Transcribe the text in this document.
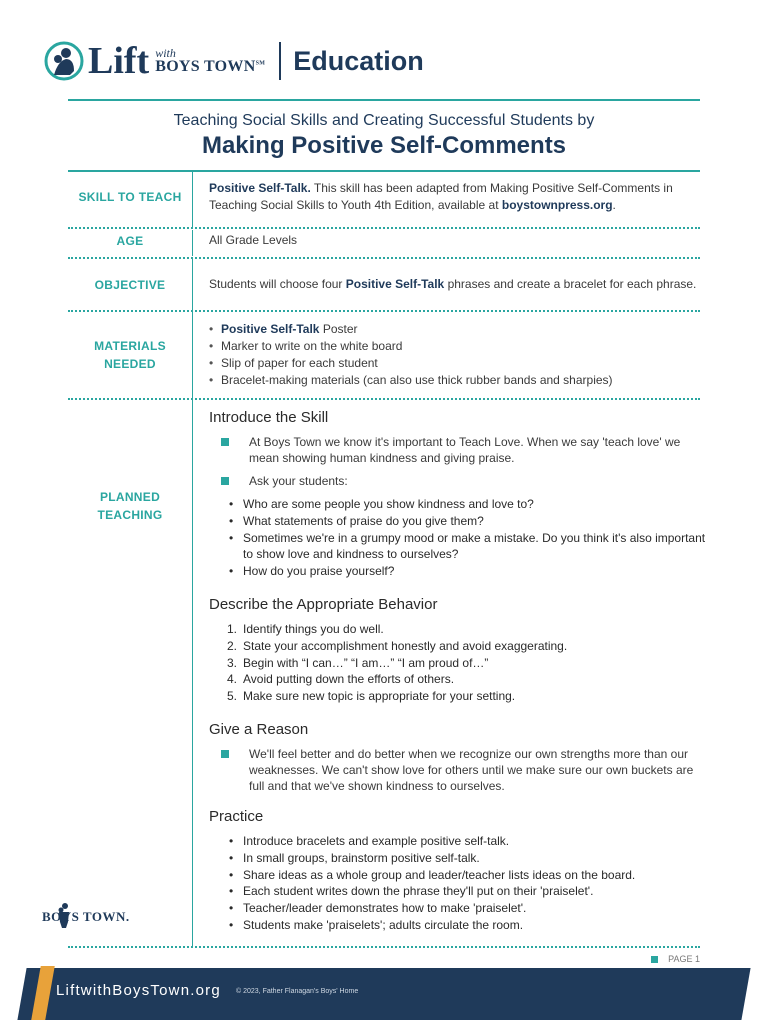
Lift with
BOYS TOWN℠ Education
Teaching Social Skills and Creating Successful Students by
Making Positive Self-Comments
SKILL TO TEACH
Positive Self-Talk. This skill has been adapted from Making Positive Self-Comments in Teaching Social Skills to Youth 4th Edition, available at boystownpress.org.
AGE	All Grade Levels
OBJECTIVE	Students will choose four Positive Self-Talk phrases and create a bracelet for each phrase.
MATERIALS
NEEDED
• Positive Self-Talk Poster
• Marker to write on the white board
• Slip of paper for each student
• Bracelet-making materials (can also use thick rubber bands and sharpies)
PLANNED
TEACHING
Introduce the Skill
At Boys Town we know it's important to Teach Love. When we say 'teach love' we mean showing human kindness and giving praise.
Ask your students:
• Who are some people you show kindness and love to?
• What statements of praise do you give them?
• Sometimes we're in a grumpy mood or make a mistake. Do you think it's also important to show love and kindness to ourselves?
• How do you praise yourself?
Describe the Appropriate Behavior
1. Identify things you do well.
2. State your accomplishment honestly and avoid exaggerating.
3. Begin with “I can…” “I am…” “I am proud of…”
4. Avoid putting down the efforts of others.
5. Make sure new topic is appropriate for your setting.
Give a Reason
We'll feel better and do better when we recognize our own strengths more than our weaknesses. We can't show love for others until we make sure our own buckets are full and that we've shown kindness to ourselves.
Practice
• Introduce bracelets and example positive self-talk.
• In small groups, brainstorm positive self-talk.
• Share ideas as a whole group and leader/teacher lists ideas on the board.
• Each student writes down the phrase they'll put on their 'praiselet'.
• Teacher/leader demonstrates how to make 'praiselet'.
• Students make 'praiselets'; adults circulate the room.
BOYS TOWN.
PAGE 1
LiftwithBoysTown.org © 2023, Father Flanagan's Boys' Home
